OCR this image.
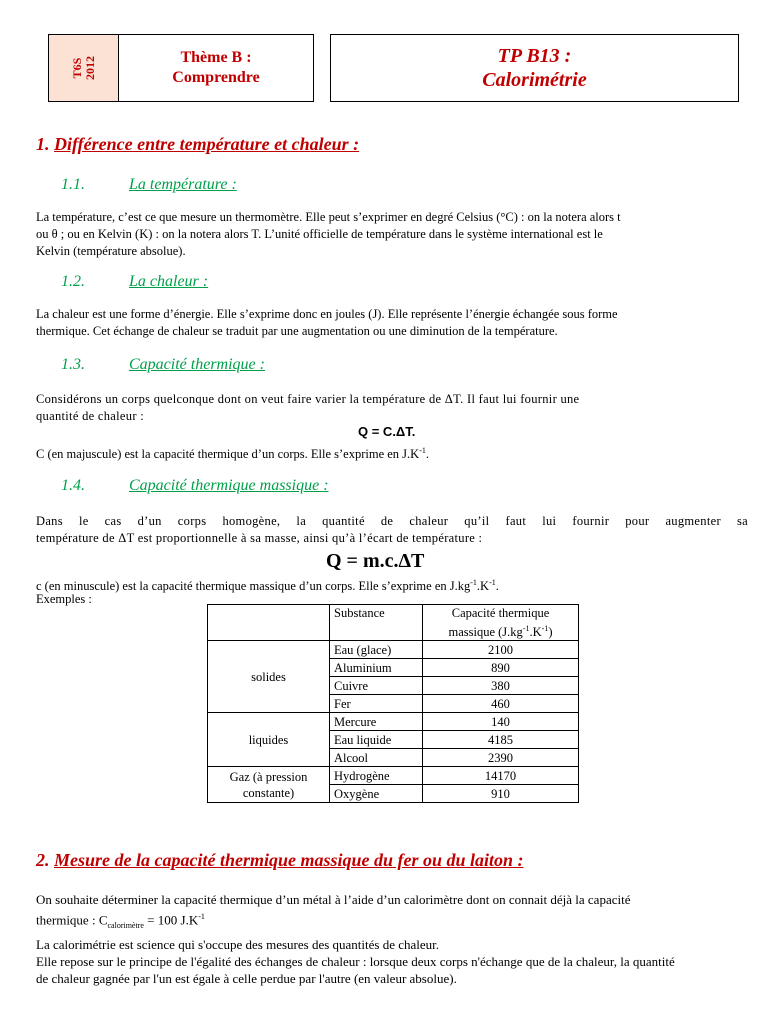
T6S 2012	Thème B :
Comprendre
TP B13 :
Calorimétrie
1. Différence entre température et chaleur :
1.1.	La température :
La température, c’est ce que mesure un thermomètre. Elle peut s’exprimer en degré Celsius (°C) : on la notera alors t
ou θ ; ou en Kelvin (K) : on la notera alors T. L’unité officielle de température dans le système international est le
Kelvin (température absolue).
1.2.	La chaleur :
La chaleur est une forme d’énergie. Elle s’exprime donc en joules (J). Elle représente l’énergie échangée sous forme
thermique. Cet échange de chaleur se traduit par une augmentation ou une diminution de la température.
1.3.	Capacité thermique :
Considérons un corps quelconque dont on veut faire varier la température de ΔT. Il faut lui fournir une
quantité de chaleur :
Q = C.ΔT.
C (en majuscule) est la capacité thermique d’un corps. Elle s’exprime en $J.K^{-1}$.
1.4.	Capacité thermique massique :
Dans le cas d’un corps homogène, la quantité de chaleur qu’il faut lui fournir pour augmenter sa
température de ΔT est proportionnelle à sa masse, ainsi qu’à l’écart de température :
Q = m.c.ΔT
c (en minuscule) est la capacité thermique massique d’un corps. Elle s’exprime en $J.kg^{-1}.K^{-1}$.
Exemples :
	Substance	Capacité thermique
massique $(J.kg^{-1}.K^{-1})$

solides	Eau (glace)	2100
	Aluminium	890
	Cuivre	380
	Fer	460
liquides	Mercure	140
	Eau liquide	4185
	Alcool	2390

Gaz (à pression
constante)	Hydrogène	14170
	Oxygène	910
2. Mesure de la capacité thermique massique du fer ou du laiton :
On souhaite déterminer la capacité thermique d’un métal à l’aide d’un calorimètre dont on connait déjà la capacité
thermique : $C_{calorimètre} = 100$ $J.K^{-1}$
La calorimétrie est science qui s'occupe des mesures des quantités de chaleur.
Elle repose sur le principe de l'égalité des échanges de chaleur : lorsque deux corps n'échange que de la chaleur, la quantité
de chaleur gagnée par l'un est égale à celle perdue par l'autre (en valeur absolue).
